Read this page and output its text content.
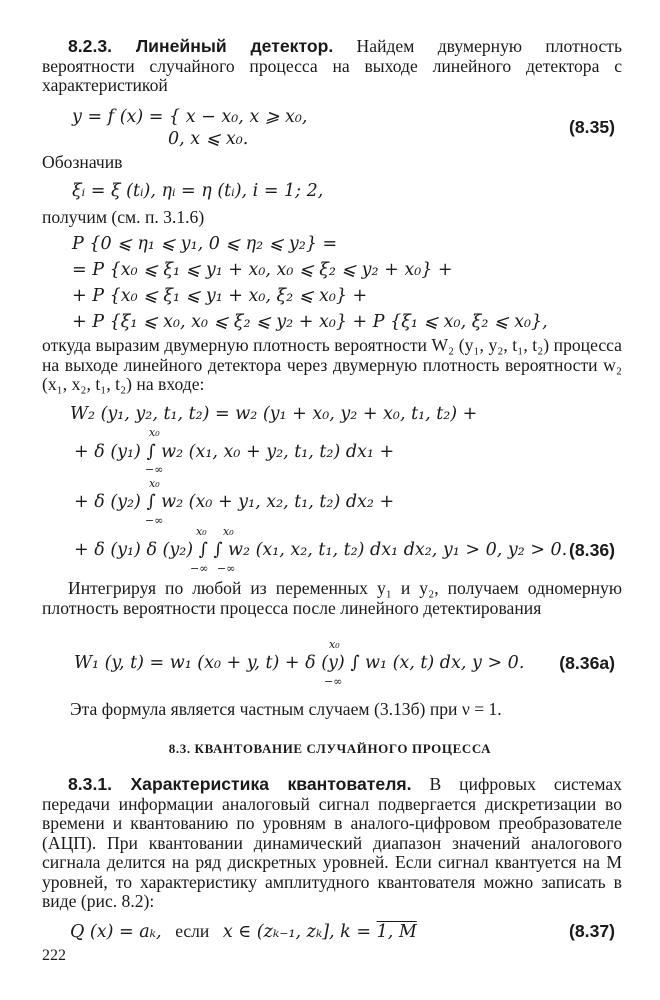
8.2.3. Линейный детектор. Найдем двумерную плотность вероятности случайного процесса на выходе линейного детектора с характеристикой
y = f (x) = { x − x₀, x ⩾ x₀,
0, x ⩽ x₀.
(8.35)
Обозначив
ξᵢ = ξ (tᵢ), ηᵢ = η (tᵢ), i = 1; 2,
получим (см. п. 3.1.6)
P {0 ⩽ η₁ ⩽ y₁, 0 ⩽ η₂ ⩽ y₂} =
= P {x₀ ⩽ ξ₁ ⩽ y₁ + x₀, x₀ ⩽ ξ₂ ⩽ y₂ + x₀} +
+ P {x₀ ⩽ ξ₁ ⩽ y₁ + x₀, ξ₂ ⩽ x₀} +
+ P {ξ₁ ⩽ x₀, x₀ ⩽ ξ₂ ⩽ y₂ + x₀} + P {ξ₁ ⩽ x₀, ξ₂ ⩽ x₀},
откуда выразим двумерную плотность вероятности W₂ (y₁, y₂, t₁, t₂) процесса на выходе линейного детектора через двумерную плотность вероятности w₂ (x₁, x₂, t₁, t₂) на входе:
W₂ (y₁, y₂, t₁, t₂) = w₂ (y₁ + x₀, y₂ + x₀, t₁, t₂) +
+ δ (y₁) ∫ w₂ (x₁, x₀ + y₂, t₁, t₂) dx₁ +
x₀
−∞
+ δ (y₂) ∫ w₂ (x₀ + y₁, x₂, t₁, t₂) dx₂ +
x₀
−∞
+ δ (y₁) δ (y₂) ∫ ∫ w₂ (x₁, x₂, t₁, t₂) dx₁ dx₂, y₁ > 0, y₂ > 0.
x₀
−∞
x₀
−∞
(8.36)
Интегрируя по любой из переменных y₁ и y₂, получаем одномерную плотность вероятности процесса после линейного детектирования
W₁ (y, t) = w₁ (x₀ + y, t) + δ (y) ∫ w₁ (x, t) dx, y > 0.
x₀
−∞
(8.36а)
Эта формула является частным случаем (3.13б) при ν = 1.
8.3. КВАНТОВАНИЕ СЛУЧАЙНОГО ПРОЦЕССА
8.3.1. Характеристика квантователя. В цифровых системах передачи информации аналоговый сигнал подвергается дискретизации во времени и квантованию по уровням в аналого-цифровом преобразователе (АЦП). При квантовании динамический диапазон значений аналогового сигнала делится на ряд дискретных уровней. Если сигнал квантуется на M уровней, то характеристику амплитудного квантователя можно записать в виде (рис. 8.2):
Q (x) = aₖ, если x ∈ (zₖ₋₁, zₖ], k = 1, M	(8.37)
222
